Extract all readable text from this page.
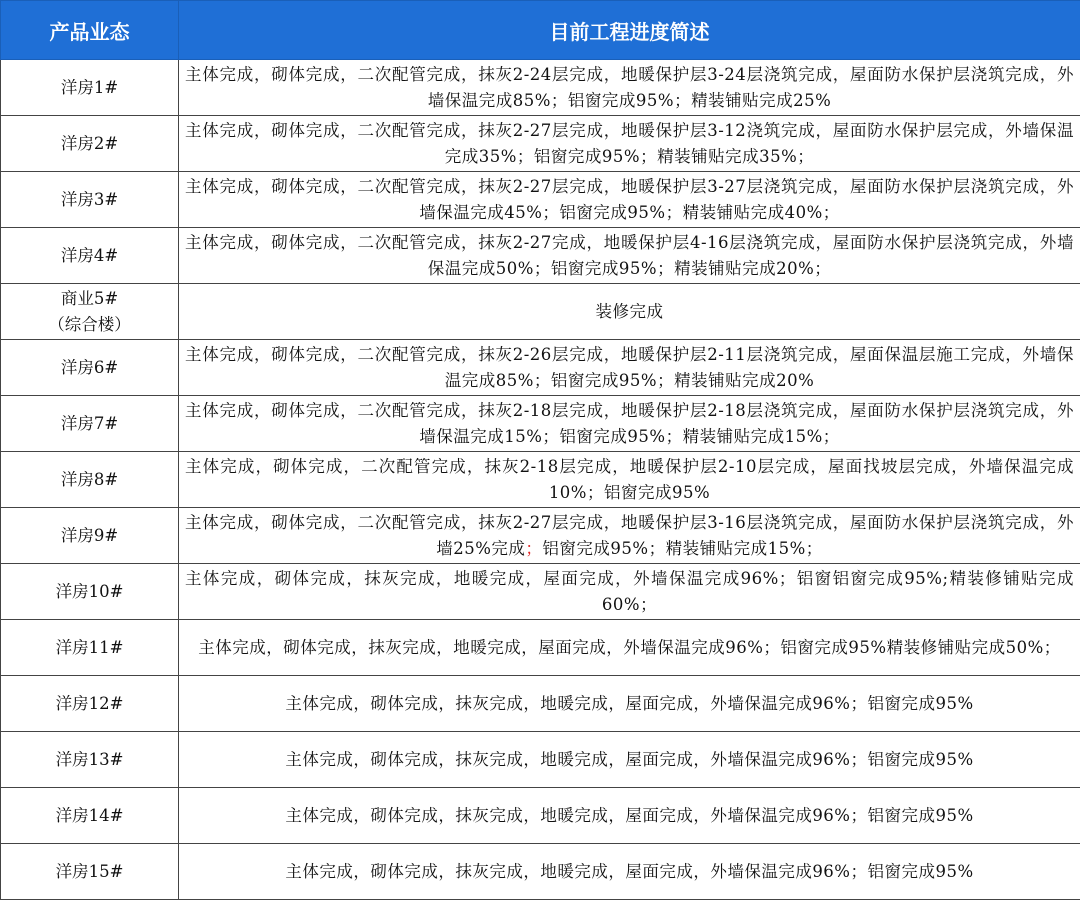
产品业态	目前工程进度简述
洋房1#	主体完成，砌体完成，二次配管完成，抹灰2-24层完成，地暖保护层3-24层浇筑完成，屋面防水保护层浇筑完成，外墙保温完成85%；铝窗完成95%；精装铺贴完成25%
洋房2#	主体完成，砌体完成，二次配管完成，抹灰2-27层完成，地暖保护层3-12浇筑完成，屋面防水保护层完成，外墙保温完成35%；铝窗完成95%；精装铺贴完成35%；
洋房3#	主体完成，砌体完成，二次配管完成，抹灰2-27层完成，地暖保护层3-27层浇筑完成，屋面防水保护层浇筑完成，外墙保温完成45%；铝窗完成95%；精装铺贴完成40%；
洋房4#	主体完成，砌体完成，二次配管完成，抹灰2-27完成，地暖保护层4-16层浇筑完成，屋面防水保护层浇筑完成，外墙保温完成50%；铝窗完成95%；精装铺贴完成20%；
商业5#
（综合楼）	装修完成
洋房6#	主体完成，砌体完成，二次配管完成，抹灰2-26层完成，地暖保护层2-11层浇筑完成，屋面保温层施工完成，外墙保温完成85%；铝窗完成95%；精装铺贴完成20%
洋房7#	主体完成，砌体完成，二次配管完成，抹灰2-18层完成，地暖保护层2-18层浇筑完成，屋面防水保护层浇筑完成，外墙保温完成15%；铝窗完成95%；精装铺贴完成15%；
洋房8#	主体完成，砌体完成，二次配管完成，抹灰2-18层完成，地暖保护层2-10层完成，屋面找坡层完成，外墙保温完成10%；铝窗完成95%
洋房9#	主体完成，砌体完成，二次配管完成，抹灰2-27层完成，地暖保护层3-16层浇筑完成，屋面防水保护层浇筑完成，外墙25%完成；铝窗完成95%；精装铺贴完成15%；
洋房10#	主体完成，砌体完成，抹灰完成，地暖完成，屋面完成，外墙保温完成96%；铝窗铝窗完成95%;精装修铺贴完成60%；
洋房11#	主体完成，砌体完成，抹灰完成，地暖完成，屋面完成，外墙保温完成96%；铝窗完成95%精装修铺贴完成50%；
洋房12#	主体完成，砌体完成，抹灰完成，地暖完成，屋面完成，外墙保温完成96%；铝窗完成95%
洋房13#	主体完成，砌体完成，抹灰完成，地暖完成，屋面完成，外墙保温完成96%；铝窗完成95%
洋房14#	主体完成，砌体完成，抹灰完成，地暖完成，屋面完成，外墙保温完成96%；铝窗完成95%
洋房15#	主体完成，砌体完成，抹灰完成，地暖完成，屋面完成，外墙保温完成96%；铝窗完成95%
